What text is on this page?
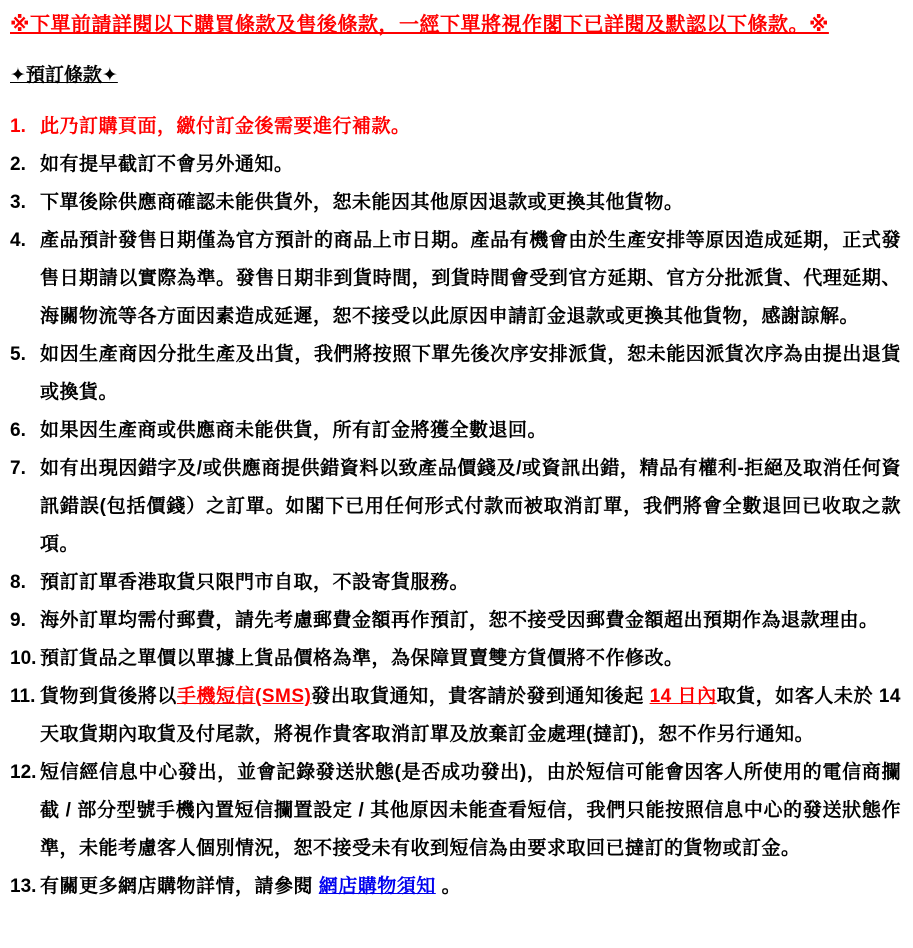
※下單前請詳閱以下購買條款及售後條款，一經下單將視作閣下已詳閱及默認以下條款。※
✦預訂條款✦
1. 此乃訂購頁面，繳付訂金後需要進行補款。
2. 如有提早截訂不會另外通知。
3. 下單後除供應商確認未能供貨外，恕未能因其他原因退款或更換其他貨物。
4. 產品預計發售日期僅為官方預計的商品上市日期。產品有機會由於生產安排等原因造成延期，正式發售日期請以實際為準。發售日期非到貨時間，到貨時間會受到官方延期、官方分批派貨、代理延期、海關物流等各方面因素造成延遲，恕不接受以此原因申請訂金退款或更換其他貨物，感謝諒解。
5. 如因生產商因分批生產及出貨，我們將按照下單先後次序安排派貨，恕未能因派貨次序為由提出退貨或換貨。
6. 如果因生產商或供應商未能供貨，所有訂金將獲全數退回。
7. 如有出現因錯字及/或供應商提供錯資料以致產品價錢及/或資訊出錯，精品有權利-拒絕及取消任何資訊錯誤(包括價錢）之訂單。如閣下已用任何形式付款而被取消訂單，我們將會全數退回已收取之款項。
8. 預訂訂單香港取貨只限門市自取，不設寄貨服務。
9. 海外訂單均需付郵費，請先考慮郵費金額再作預訂，恕不接受因郵費金額超出預期作為退款理由。
10. 預訂貨品之單價以單據上貨品價格為準，為保障買賣雙方貨價將不作修改。
11. 貨物到貨後將以手機短信(SMS)發出取貨通知，貴客請於發到通知後起 14 日內取貨，如客人未於 14 天取貨期內取貨及付尾款，將視作貴客取消訂單及放棄訂金處理(撻訂)，恕不作另行通知。
12. 短信經信息中心發出，並會記錄發送狀態(是否成功發出)，由於短信可能會因客人所使用的電信商攔截 / 部分型號手機內置短信攔置設定 / 其他原因未能查看短信，我們只能按照信息中心的發送狀態作準，未能考慮客人個別情況，恕不接受未有收到短信為由要求取回已撻訂的貨物或訂金。
13. 有關更多網店購物詳情，請參閱 網店購物須知 。
